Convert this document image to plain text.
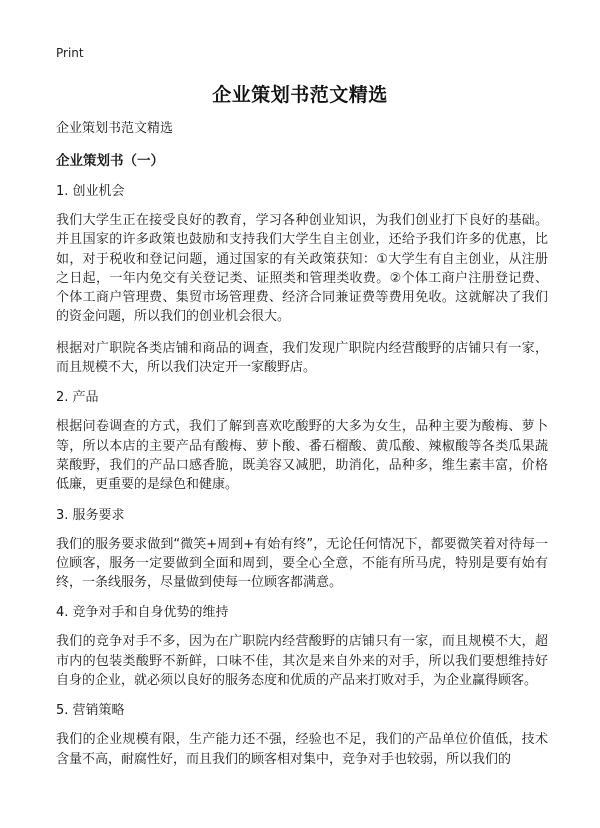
Print
企业策划书范文精选
企业策划书范文精选
企业策划书（一）
1. 创业机会

我们大学生正在接受良好的教育，学习各种创业知识，为我们创业打下良好的基础。并且国家的许多政策也鼓励和支持我们大学生自主创业，还给予我们许多的优惠，比如，对于税收和登记问题，通过国家的有关政策获知：①大学生有自主创业，从注册之日起，一年内免交有关登记类、证照类和管理类收费。②个体工商户注册登记费、个体工商户管理费、集贸市场管理费、经济合同兼证费等费用免收。这就解决了我们的资金问题，所以我们的创业机会很大。

根据对广职院各类店铺和商品的调查，我们发现广职院内经营酸野的店铺只有一家，而且规模不大，所以我们决定开一家酸野店。

2. 产品

根据问卷调查的方式，我们了解到喜欢吃酸野的大多为女生，品种主要为酸梅、萝卜等，所以本店的主要产品有酸梅、萝卜酸、番石榴酸、黄瓜酸、辣椒酸等各类瓜果蔬菜酸野，我们的产品口感香脆，既美容又减肥，助消化，品种多，维生素丰富，价格低廉，更重要的是绿色和健康。

3. 服务要求

我们的服务要求做到“微笑+周到+有始有终”，无论任何情况下，都要微笑着对待每一位顾客，服务一定要做到全面和周到，要全心全意，不能有所马虎，特别是要有始有终，一条线服务，尽量做到使每一位顾客都满意。

4. 竞争对手和自身优势的维持

我们的竞争对手不多，因为在广职院内经营酸野的店铺只有一家，而且规模不大，超市内的包装类酸野不新鲜，口味不佳，其次是来自外来的对手，所以我们要想维持好自身的企业，就必须以良好的服务态度和优质的产品来打败对手，为企业赢得顾客。

5. 营销策略

我们的企业规模有限，生产能力还不强，经验也不足，我们的产品单位价值低，技术含量不高，耐腐性好，而且我们的顾客相对集中，竞争对手也较弱，所以我们的
